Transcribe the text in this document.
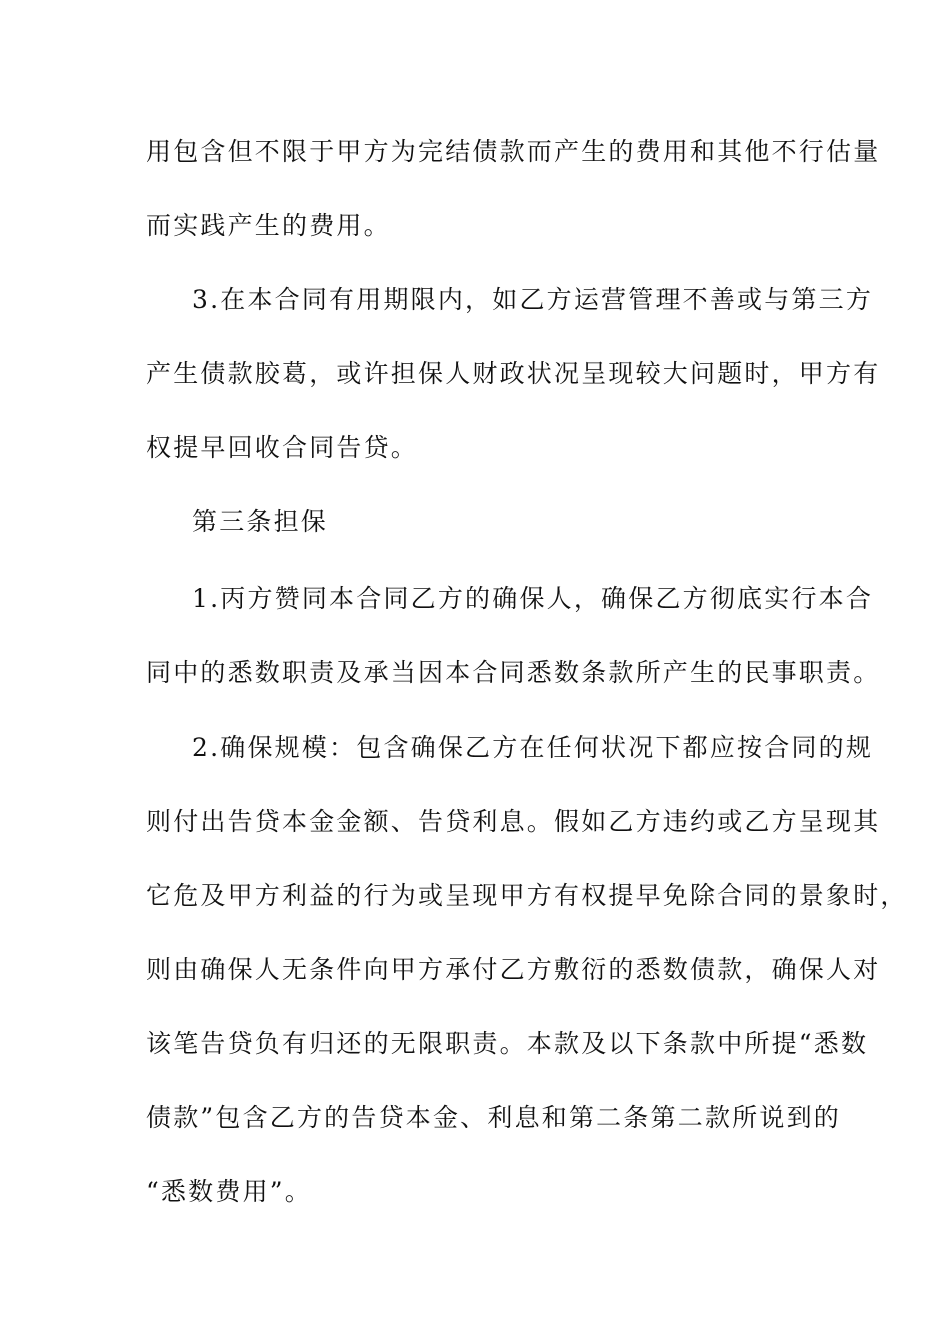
用包含但不限于甲方为完结债款而产生的费用和其他不行估量
而实践产生的费用。
3.在本合同有用期限内，如乙方运营管理不善或与第三方
产生债款胶葛，或许担保人财政状况呈现较大问题时，甲方有
权提早回收合同告贷。
第三条担保
1.丙方赞同本合同乙方的确保人，确保乙方彻底实行本合
同中的悉数职责及承当因本合同悉数条款所产生的民事职责。
2.确保规模：包含确保乙方在任何状况下都应按合同的规
则付出告贷本金金额、告贷利息。假如乙方违约或乙方呈现其
它危及甲方利益的行为或呈现甲方有权提早免除合同的景象时，
则由确保人无条件向甲方承付乙方敷衍的悉数债款，确保人对
该笔告贷负有归还的无限职责。本款及以下条款中所提“悉数
债款”包含乙方的告贷本金、利息和第二条第二款所说到的
“悉数费用”。
